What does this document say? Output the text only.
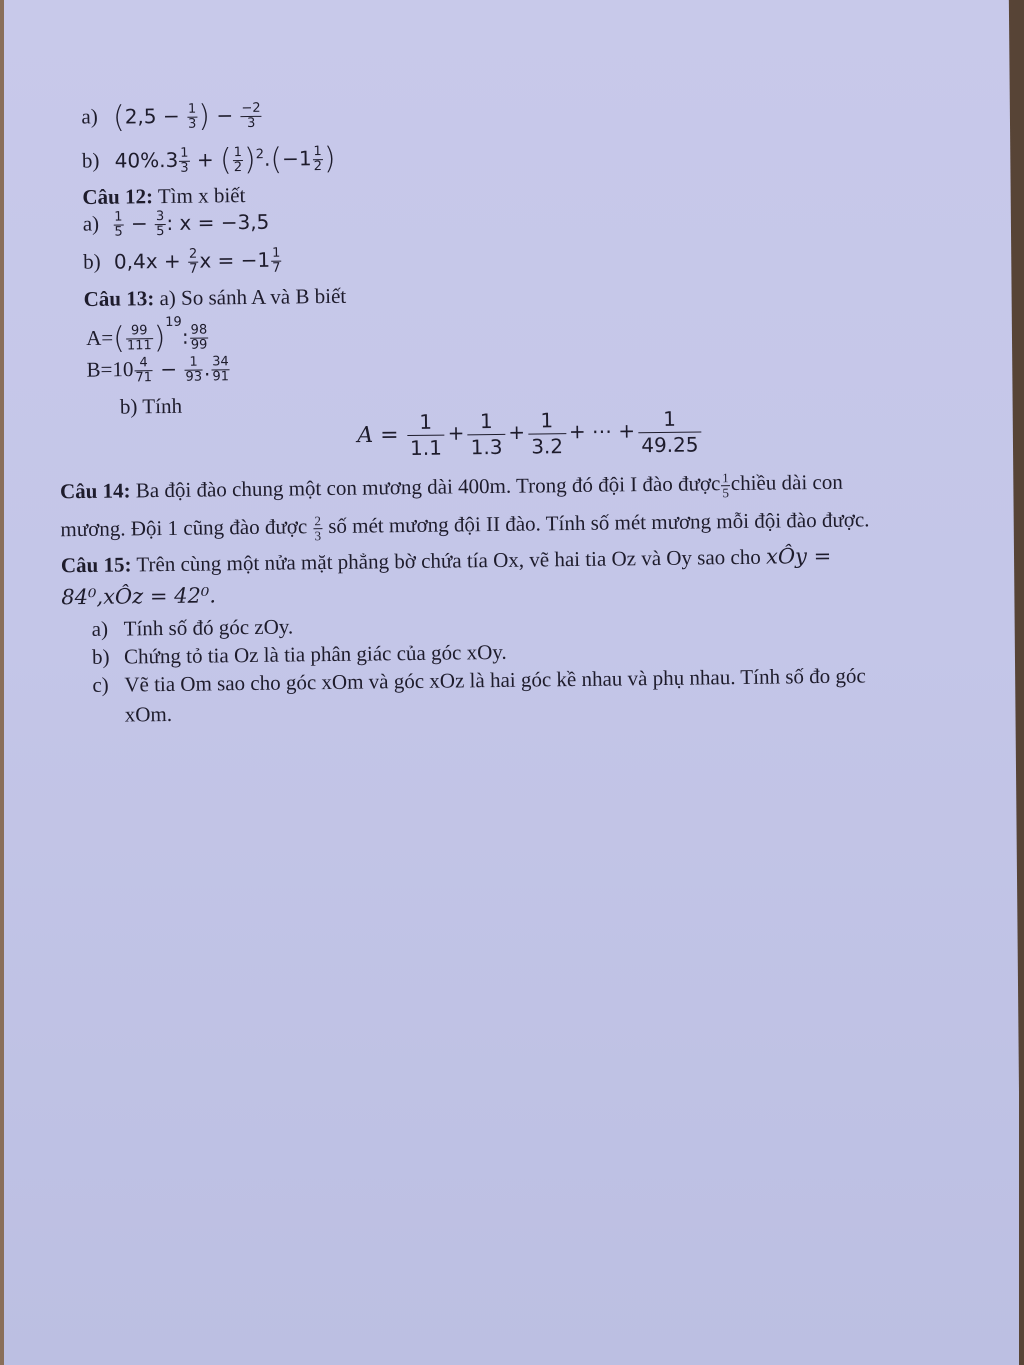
a) ($2,5 - \frac{1}{3}$ ) − $\frac{-2}{3}$
b) $40\%.3 \frac{1}{3}$ + ( $\frac{1}{2} )^2.(-1 \frac{1}{2}$ )
Câu 12: Tìm x biết
$a) \frac{1}{5} - \frac{3}{5}$ : x = −3,5
b) $0,4x + \frac{2}{7}$ $x = -1 \frac{1}{7}$
Câu 13: a) So sánh A và B biết
$A=( \frac{99}{111} )^{19}$: $\frac{98}{99}$
$B=10 \frac{4}{71} - \frac{1}{93}$ . $\frac{34}{91}$
b) Tính
$A = \frac{1}{1.1} + \frac{1}{1.3} + \frac{1}{3.2}$ + ⋯ + $\frac{1}{49.25}$
Câu 14: Ba đội đào chung một con mương dài 400m. Trong đó đội I đào được $\frac{1}{5}$ chiều dài con
mương. Đội 1 cũng đào được $\frac{2}{3}$ số mét mương đội II đào. Tính số mét mương mỗi đội đào được.
Câu 15: Trên cùng một nửa mặt phẳng bờ chứa tía Ox, vẽ hai tia Oz và Oy sao cho xÔy =
84⁰,xÔz = 42⁰.
a) Tính số đó góc zOy.
b) Chứng tỏ tia Oz là tia phân giác của góc xOy.
c) Vẽ tia Om sao cho góc xOm và góc xOz là hai góc kề nhau và phụ nhau. Tính số đo góc
xOm.
